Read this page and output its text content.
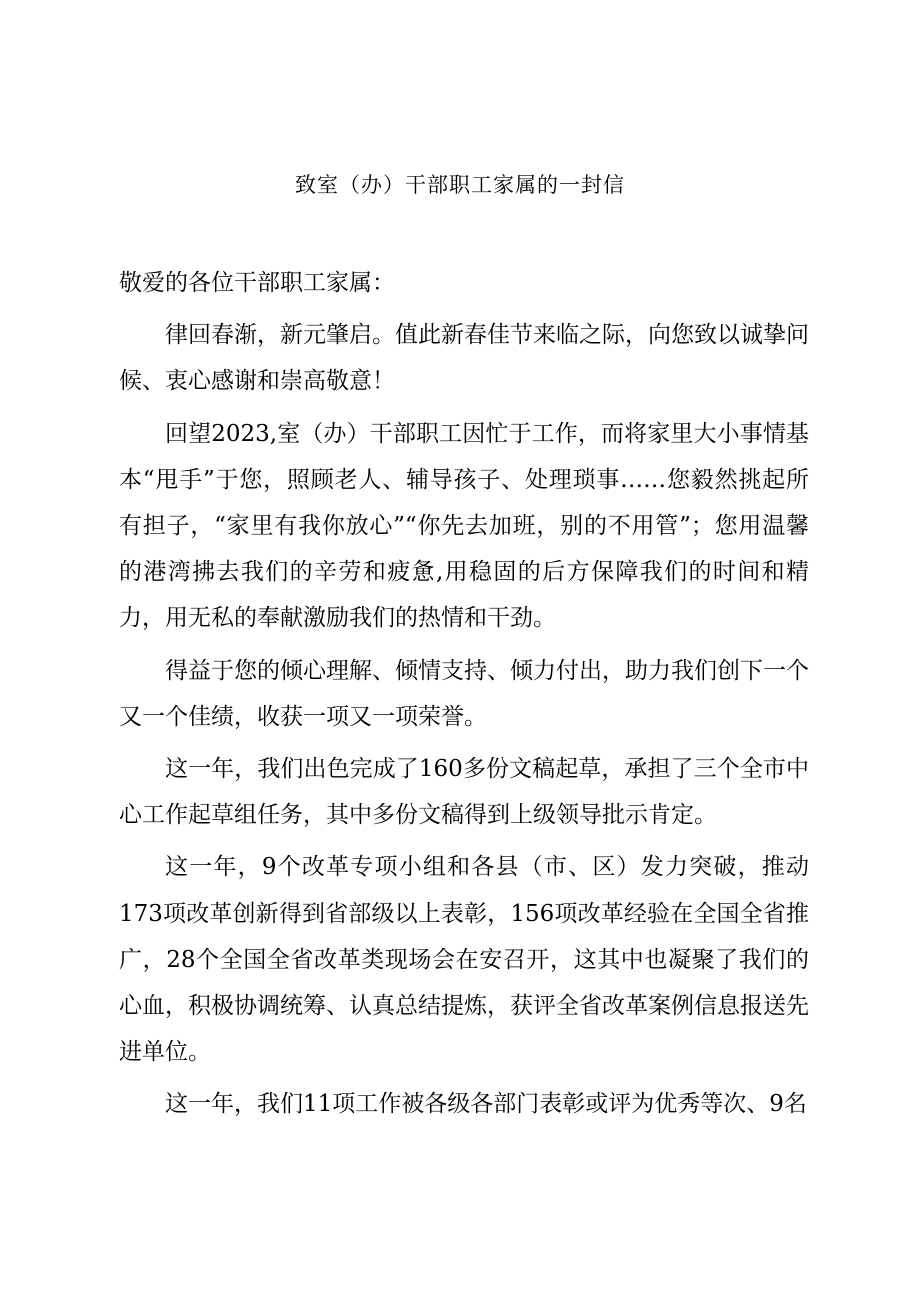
致室（办）干部职工家属的一封信

敬爱的各位干部职工家属：

律回春渐，新元肇启。值此新春佳节来临之际，向您致以诚挚问候、衷心感谢和崇高敬意！

回望2023,室（办）干部职工因忙于工作，而将家里大小事情基本“甩手”于您，照顾老人、辅导孩子、处理琐事……您毅然挑起所有担子，“家里有我你放心”“你先去加班，别的不用管”；您用温馨的港湾拂去我们的辛劳和疲惫,用稳固的后方保障我们的时间和精力，用无私的奉献激励我们的热情和干劲。

得益于您的倾心理解、倾情支持、倾力付出，助力我们创下一个又一个佳绩，收获一项又一项荣誉。

这一年，我们出色完成了160多份文稿起草，承担了三个全市中心工作起草组任务，其中多份文稿得到上级领导批示肯定。

这一年，9个改革专项小组和各县（市、区）发力突破，推动173项改革创新得到省部级以上表彰，156项改革经验在全国全省推广，28个全国全省改革类现场会在安召开，这其中也凝聚了我们的心血，积极协调统筹、认真总结提炼，获评全省改革案例信息报送先进单位。

这一年，我们11项工作被各级各部门表彰或评为优秀等次、9名
